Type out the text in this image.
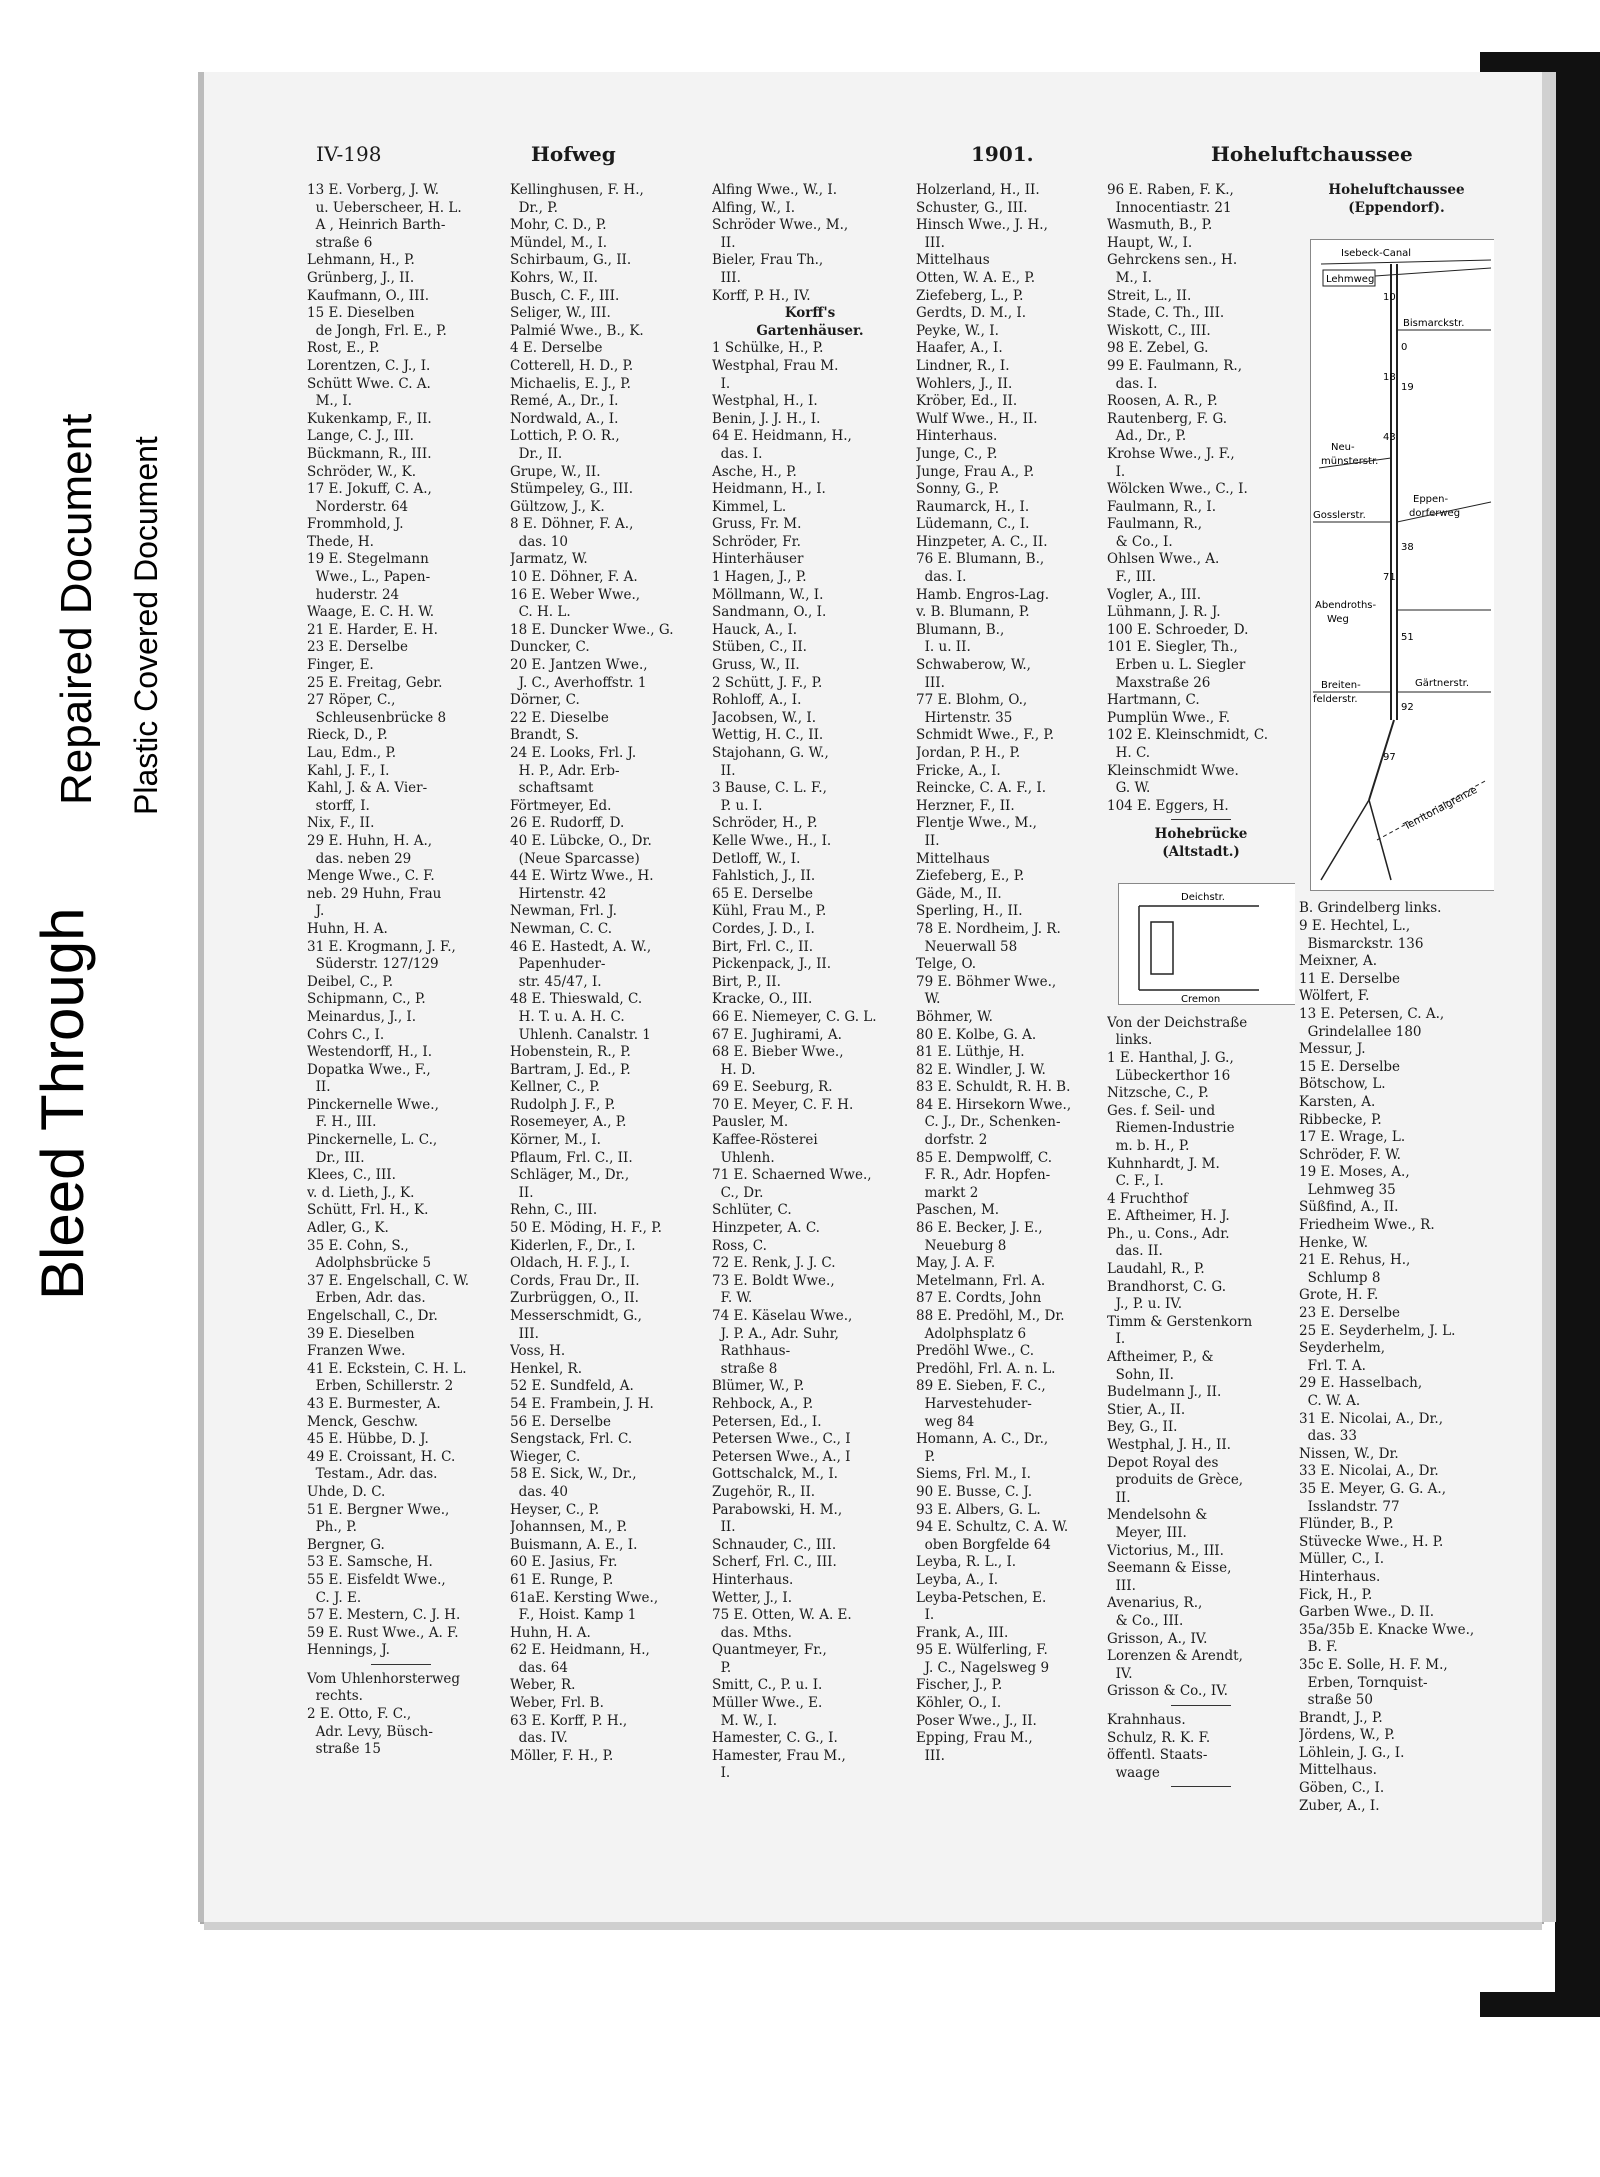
Bleed Through
Repaired Document Plastic Covered Document
IV-198	Hofweg	1901.	Hoheluftchaussee
13 E. Vorberg, J. W.
u. Ueberscheer, H. L.
A , Heinrich Barth-
straße 6
Lehmann, H., P.
Grünberg, J., II.
Kaufmann, O., III.
15 E. Dieselben
de Jongh, Frl. E., P.
Rost, E., P.
Lorentzen, C. J., I.
Schütt Wwe. C. A.
M., I.
Kukenkamp, F., II.
Lange, C. J., III.
Bückmann, R., III.
Schröder, W., K.
17 E. Jokuff, C. A.,
Norderstr. 64
Frommhold, J.
Thede, H.
19 E. Stegelmann
Wwe., L., Papen-
huderstr. 24
Waage, E. C. H. W.
21 E. Harder, E. H.
23 E. Derselbe
Finger, E.
25 E. Freitag, Gebr.
27 Röper, C.,
Schleusenbrücke 8
Rieck, D., P.
Lau, Edm., P.
Kahl, J. F., I.
Kahl, J. & A. Vier-
storff, I.
Nix, F., II.
29 E. Huhn, H. A.,
das. neben 29
Menge Wwe., C. F.
neb. 29 Huhn, Frau
J.
Huhn, H. A.
31 E. Krogmann, J. F.,
Süderstr. 127/129
Deibel, C., P.
Schipmann, C., P.
Meinardus, J., I.
Cohrs C., I.
Westendorff, H., I.
Dopatka Wwe., F.,
II.
Pinckernelle Wwe.,
F. H., III.
Pinckernelle, L. C.,
Dr., III.
Klees, C., III.
v. d. Lieth, J., K.
Schütt, Frl. H., K.
Adler, G., K.
35 E. Cohn, S.,
Adolphsbrücke 5
37 E. Engelschall, C. W.
Erben, Adr. das.
Engelschall, C., Dr.
39 E. Dieselben
Franzen Wwe.
41 E. Eckstein, C. H. L.
Erben, Schillerstr. 2
43 E. Burmester, A.
Menck, Geschw.
45 E. Hübbe, D. J.
49 E. Croissant, H. C.
Testam., Adr. das.
Uhde, D. C.
51 E. Bergner Wwe.,
Ph., P.
Bergner, G.
53 E. Samsche, H.
55 E. Eisfeldt Wwe.,
C. J. E.
57 E. Mestern, C. J. H.
59 E. Rust Wwe., A. F.
Hennings, J.
Vom Uhlenhorsterweg
rechts.
2 E. Otto, F. C.,
Adr. Levy, Büsch-
straße 15
Kellinghusen, F. H.,
Dr., P.
Mohr, C. D., P.
Mündel, M., I.
Schirbaum, G., II.
Kohrs, W., II.
Busch, C. F., III.
Seliger, W., III.
Palmié Wwe., B., K.
4 E. Derselbe
Cotterell, H. D., P.
Michaelis, E. J., P.
Remé, A., Dr., I.
Nordwald, A., I.
Lottich, P. O. R.,
Dr., II.
Grupe, W., II.
Stümpeley, G., III.
Gültzow, J., K.
8 E. Döhner, F. A.,
das. 10
Jarmatz, W.
10 E. Döhner, F. A.
16 E. Weber Wwe.,
C. H. L.
18 E. Duncker Wwe., G.
Duncker, C.
20 E. Jantzen Wwe.,
J. C., Averhoffstr. 1
Dörner, C.
22 E. Dieselbe
Brandt, S.
24 E. Looks, Frl. J.
H. P., Adr. Erb-
schaftsamt
Förtmeyer, Ed.
26 E. Rudorff, D.
40 E. Lübcke, O., Dr.
(Neue Sparcasse)
44 E. Wirtz Wwe., H.
Hirtenstr. 42
Newman, Frl. J.
Newman, C. C.
46 E. Hastedt, A. W.,
Papenhuder-
str. 45/47, I.
48 E. Thieswald, C.
H. T. u. A. H. C.
Uhlenh. Canalstr. 1
Hobenstein, R., P.
Bartram, J. Ed., P.
Kellner, C., P.
Rudolph J. F., P.
Rosemeyer, A., P.
Körner, M., I.
Pflaum, Frl. C., II.
Schläger, M., Dr.,
II.
Rehn, C., III.
50 E. Möding, H. F., P.
Kiderlen, F., Dr., I.
Oldach, H. F. J., I.
Cords, Frau Dr., II.
Zurbrüggen, O., II.
Messerschmidt, G.,
III.
Voss, H.
Henkel, R.
52 E. Sundfeld, A.
54 E. Frambein, J. H.
56 E. Derselbe
Sengstack, Frl. C.
Wieger, C.
58 E. Sick, W., Dr.,
das. 40
Heyser, C., P.
Johannsen, M., P.
Buismann, A. E., I.
60 E. Jasius, Fr.
61 E. Runge, P.
61aE. Kersting Wwe.,
F., Hoist. Kamp 1
Huhn, H. A.
62 E. Heidmann, H.,
das. 64
Weber, R.
Weber, Frl. B.
63 E. Korff, P. H.,
das. IV.
Möller, F. H., P.
Alfing Wwe., W., I.
Alfing, W., I.
Schröder Wwe., M.,
II.
Bieler, Frau Th.,
III.
Korff, P. H., IV.
Korff's
Gartenhäuser.
1 Schülke, H., P.
Westphal, Frau M.
I.
Westphal, H., I.
Benin, J. J. H., I.
64 E. Heidmann, H.,
das. I.
Asche, H., P.
Heidmann, H., I.
Kimmel, L.
Gruss, Fr. M.
Schröder, Fr.
Hinterhäuser
1 Hagen, J., P.
Möllmann, W., I.
Sandmann, O., I.
Hauck, A., I.
Stüben, C., II.
Gruss, W., II.
2 Schütt, J. F., P.
Rohloff, A., I.
Jacobsen, W., I.
Wettig, H. C., II.
Stajohann, G. W.,
II.
3 Bause, C. L. F.,
P. u. I.
Schröder, H., P.
Kelle Wwe., H., I.
Detloff, W., I.
Fahlstich, J., II.
65 E. Derselbe
Kühl, Frau M., P.
Cordes, J. D., I.
Birt, Frl. C., II.
Pickenpack, J., II.
Birt, P., II.
Kracke, O., III.
66 E. Niemeyer, C. G. L.
67 E. Jughirami, A.
68 E. Bieber Wwe.,
H. D.
69 E. Seeburg, R.
70 E. Meyer, C. F. H.
Pausler, M.
Kaffee-Rösterei
Uhlenh.
71 E. Schaerned Wwe.,
C., Dr.
Schlüter, C.
Hinzpeter, A. C.
Ross, C.
72 E. Renk, J. J. C.
73 E. Boldt Wwe.,
F. W.
74 E. Käselau Wwe.,
J. P. A., Adr. Suhr,
Rathhaus-
straße 8
Blümer, W., P.
Rehbock, A., P.
Petersen, Ed., I.
Petersen Wwe., C., I
Petersen Wwe., A., I
Gottschalck, M., I.
Zugehör, R., II.
Parabowski, H. M.,
II.
Schnauder, C., III.
Scherf, Frl. C., III.
Hinterhaus.
Wetter, J., I.
75 E. Otten, W. A. E.
das. Mths.
Quantmeyer, Fr.,
P.
Smitt, C., P. u. I.
Müller Wwe., E.
M. W., I.
Hamester, C. G., I.
Hamester, Frau M.,
I.
Holzerland, H., II.
Schuster, G., III.
Hinsch Wwe., J. H.,
III.
Mittelhaus
Otten, W. A. E., P.
Ziefeberg, L., P.
Gerdts, D. M., I.
Peyke, W., I.
Haafer, A., I.
Lindner, R., I.
Wohlers, J., II.
Kröber, Ed., II.
Wulf Wwe., H., II.
Hinterhaus.
Junge, C., P.
Junge, Frau A., P.
Sonny, G., P.
Raumarck, H., I.
Lüdemann, C., I.
Hinzpeter, A. C., II.
76 E. Blumann, B.,
das. I.
Hamb. Engros-Lag.
v. B. Blumann, P.
Blumann, B.,
I. u. II.
Schwaberow, W.,
III.
77 E. Blohm, O.,
Hirtenstr. 35
Schmidt Wwe., F., P.
Jordan, P. H., P.
Fricke, A., I.
Reincke, C. A. F., I.
Herzner, F., II.
Flentje Wwe., M.,
II.
Mittelhaus
Ziefeberg, E., P.
Gäde, M., II.
Sperling, H., II.
78 E. Nordheim, J. R.
Neuerwall 58
Telge, O.
79 E. Böhmer Wwe.,
W.
Böhmer, W.
80 E. Kolbe, G. A.
81 E. Lüthje, H.
82 E. Windler, J. W.
83 E. Schuldt, R. H. B.
84 E. Hirsekorn Wwe.,
C. J., Dr., Schenken-
dorfstr. 2
85 E. Dempwolff, C.
F. R., Adr. Hopfen-
markt 2
Paschen, M.
86 E. Becker, J. E.,
Neueburg 8
May, J. A. F.
Metelmann, Frl. A.
87 E. Cordts, John
88 E. Predöhl, M., Dr.
Adolphsplatz 6
Predöhl Wwe., C.
Predöhl, Frl. A. n. L.
89 E. Sieben, F. C.,
Harvestehuder-
weg 84
Homann, A. C., Dr.,
P.
Siems, Frl. M., I.
90 E. Busse, C. J.
93 E. Albers, G. L.
94 E. Schultz, C. A. W.
oben Borgfelde 64
Leyba, R. L., I.
Leyba, A., I.
Leyba-Petschen, E.
I.
Frank, A., III.
95 E. Wülferling, F.
J. C., Nagelsweg 9
Fischer, J., P.
Köhler, O., I.
Poser Wwe., J., II.
Epping, Frau M.,
III.
96 E. Raben, F. K.,
Innocentiastr. 21
Wasmuth, B., P.
Haupt, W., I.
Gehrckens sen., H.
M., I.
Streit, L., II.
Stade, C. Th., III.
Wiskott, C., III.
98 E. Zebel, G.
99 E. Faulmann, R.,
das. I.
Roosen, A. R., P.
Rautenberg, F. G.
Ad., Dr., P.
Krohse Wwe., J. F.,
I.
Wölcken Wwe., C., I.
Faulmann, R., I.
Faulmann, R.,
& Co., I.
Ohlsen Wwe., A.
F., III.
Vogler, A., III.
Lühmann, J. R. J.
100 E. Schroeder, D.
101 E. Siegler, Th.,
Erben u. L. Siegler
Maxstraße 26
Hartmann, C.
Pumplün Wwe., F.
102 E. Kleinschmidt, C.
H. C.
Kleinschmidt Wwe.
G. W.
104 E. Eggers, H.
Hohebrücke
(Altstadt.)

Deichstr.
Cremon

Von der Deichstraße
links.
1 E. Hanthal, J. G.,
Lübeckerthor 16
Nitzsche, C., P.
Ges. f. Seil- und
Riemen-Industrie
m. b. H., P.
Kuhnhardt, J. M.
C. F., I.
4 Fruchthof
E. Aftheimer, H. J.
Ph., u. Cons., Adr.
das. II.
Laudahl, R., P.
Brandhorst, C. G.
J., P. u. IV.
Timm & Gerstenkorn
I.
Aftheimer, P., &
Sohn, II.
Budelmann J., II.
Stier, A., II.
Bey, G., II.
Westphal, J. H., II.
Depot Royal des
produits de Grèce,
II.
Mendelsohn &
Meyer, III.
Victorius, M., III.
Seemann & Eisse,
III.
Avenarius, R.,
& Co., III.
Grisson, A., IV.
Lorenzen & Arendt,
IV.
Grisson & Co., IV.
Krahnhaus.
Schulz, R. K. F.
öffentl. Staats-
waage
Hoheluftchaussee
(Eppendorf).

Isebeck-Canal
Lehmweg
Bismarckstr.
Neu-
münsterstr.
Gosslerstr.
Eppen-
dorferweg
Abendroths-
Weg
Breiten-
felderstr.
Gärtnerstr.
Territorialgrenze
18
19
43
38
71
51
92
97
10
0

B. Grindelberg links.
9 E. Hechtel, L.,
Bismarckstr. 136
Meixner, A.
11 E. Derselbe
Wölfert, F.
13 E. Petersen, C. A.,
Grindelallee 180
Messur, J.
15 E. Derselbe
Bötschow, L.
Karsten, A.
Ribbecke, P.
17 E. Wrage, L.
Schröder, F. W.
19 E. Moses, A.,
Lehmweg 35
Süßfind, A., II.
Friedheim Wwe., R.
Henke, W.
21 E. Rehus, H.,
Schlump 8
Grote, H. F.
23 E. Derselbe
25 E. Seyderhelm, J. L.
Seyderhelm,
Frl. T. A.
29 E. Hasselbach,
C. W. A.
31 E. Nicolai, A., Dr.,
das. 33
Nissen, W., Dr.
33 E. Nicolai, A., Dr.
35 E. Meyer, G. G. A.,
Isslandstr. 77
Flünder, B., P.
Stüvecke Wwe., H. P.
Müller, C., I.
Hinterhaus.
Fick, H., P.
Garben Wwe., D. II.
35a/35b E. Knacke Wwe.,
B. F.
35c E. Solle, H. F. M.,
Erben, Tornquist-
straße 50
Brandt, J., P.
Jördens, W., P.
Löhlein, J. G., I.
Mittelhaus.
Göben, C., I.
Zuber, A., I.
